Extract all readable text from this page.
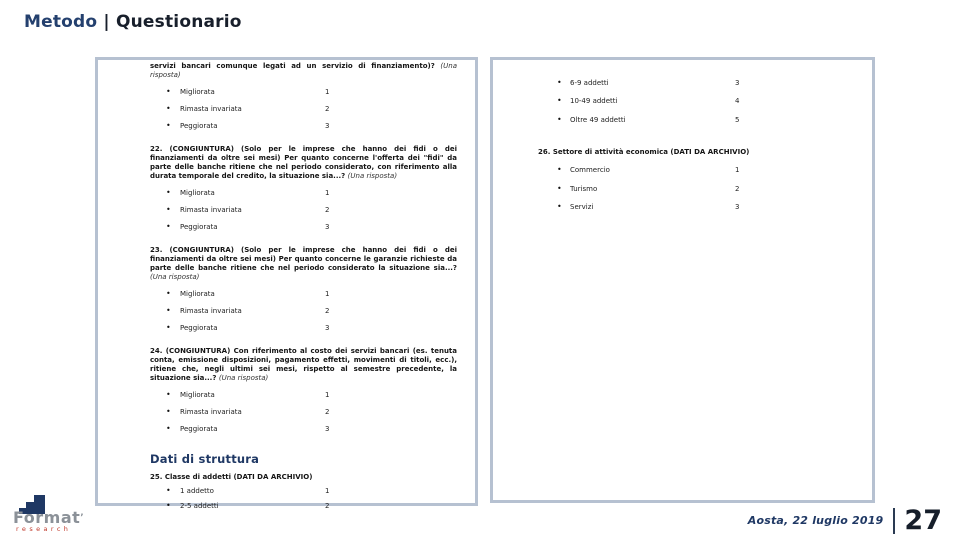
Metodo | Questionario

servizi bancari comunque legati ad un servizio di finanziamento)? (Una risposta)

• Migliorata	1
• Rimasta invariata	2
• Peggiorata	3

22. (CONGIUNTURA) (Solo per le imprese che hanno dei fidi o dei finanziamenti da oltre sei mesi) Per quanto concerne l'offerta dei "fidi" da parte delle banche ritiene che nel periodo considerato, con riferimento alla durata temporale del credito, la situazione sia...? (Una risposta)

• Migliorata	1
• Rimasta invariata	2
• Peggiorata	3

23. (CONGIUNTURA) (Solo per le imprese che hanno dei fidi o dei finanziamenti da oltre sei mesi) Per quanto concerne le garanzie richieste da parte delle banche ritiene che nel periodo considerato la situazione sia...? (Una risposta)

• Migliorata	1
• Rimasta invariata	2
• Peggiorata	3

24. (CONGIUNTURA) Con riferimento al costo dei servizi bancari (es. tenuta conta, emissione disposizioni, pagamento effetti, movimenti di titoli, ecc.), ritiene che, negli ultimi sei mesi, rispetto al semestre precedente, la situazione sia...? (Una risposta)

• Migliorata	1
• Rimasta invariata	2
• Peggiorata	3
Dati di struttura
25. Classe di addetti (DATI DA ARCHIVIO)
• 1 addetto	1
• 2-5 addetti	2
• 6-9 addetti	3
• 10-49 addetti	4
• Oltre 49 addetti	5
26. Settore di attività economica (DATI DA ARCHIVIO)
• Commercio	1
• Turismo	2
• Servizi	3
Format’
research
Aosta, 22 luglio 2019 27
